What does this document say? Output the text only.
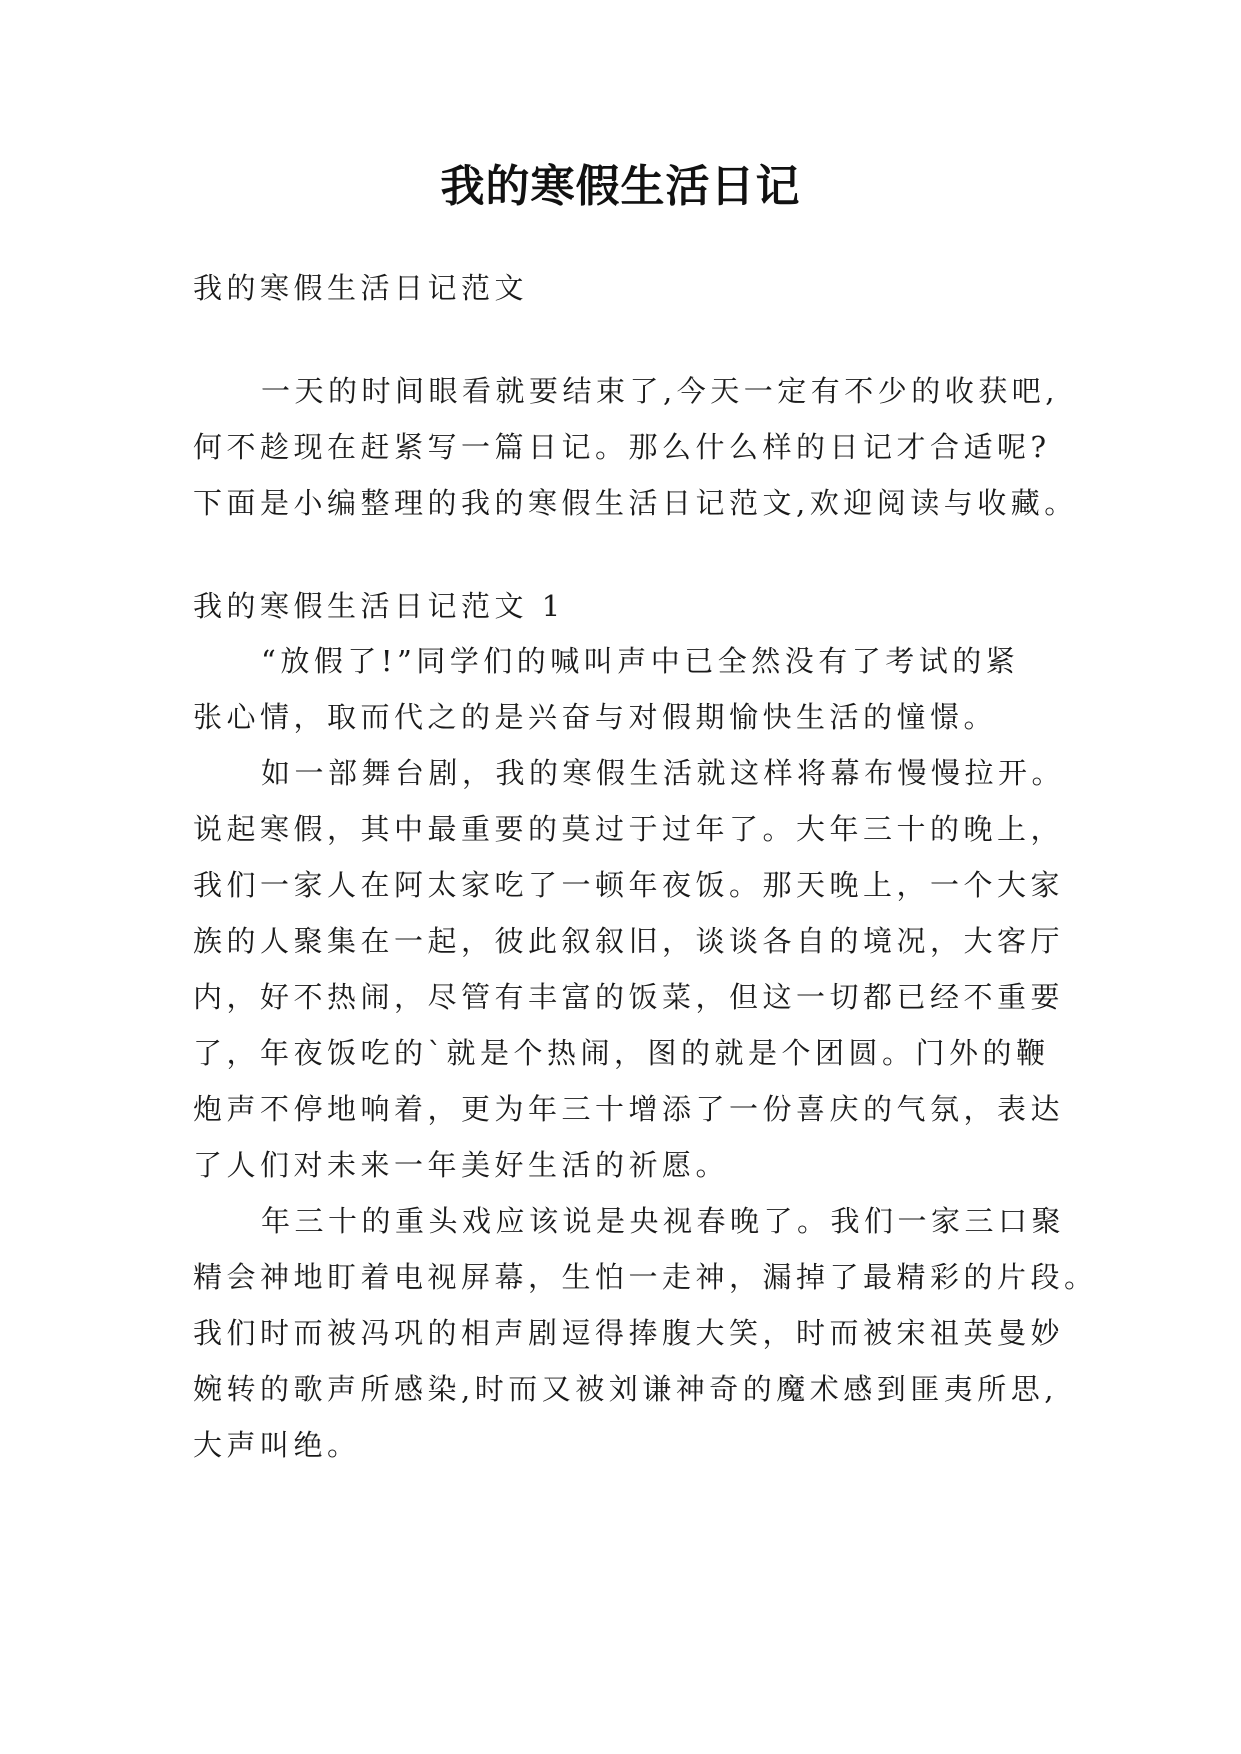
我的寒假生活日记
我的寒假生活日记范文
一天的时间眼看就要结束了,今天一定有不少的收获吧,
何不趁现在赶紧写一篇日记。那么什么样的日记才合适呢?
下面是小编整理的我的寒假生活日记范文,欢迎阅读与收藏。
我的寒假生活日记范文 1
“放假了!”同学们的喊叫声中已全然没有了考试的紧
张心情，取而代之的是兴奋与对假期愉快生活的憧憬。
如一部舞台剧，我的寒假生活就这样将幕布慢慢拉开。
说起寒假，其中最重要的莫过于过年了。大年三十的晚上，
我们一家人在阿太家吃了一顿年夜饭。那天晚上，一个大家
族的人聚集在一起，彼此叙叙旧，谈谈各自的境况，大客厅
内，好不热闹，尽管有丰富的饭菜，但这一切都已经不重要
了，年夜饭吃的`就是个热闹，图的就是个团圆。门外的鞭
炮声不停地响着，更为年三十增添了一份喜庆的气氛，表达
了人们对未来一年美好生活的祈愿。
年三十的重头戏应该说是央视春晚了。我们一家三口聚
精会神地盯着电视屏幕，生怕一走神，漏掉了最精彩的片段。
我们时而被冯巩的相声剧逗得捧腹大笑，时而被宋祖英曼妙
婉转的歌声所感染,时而又被刘谦神奇的魔术感到匪夷所思,
大声叫绝。
